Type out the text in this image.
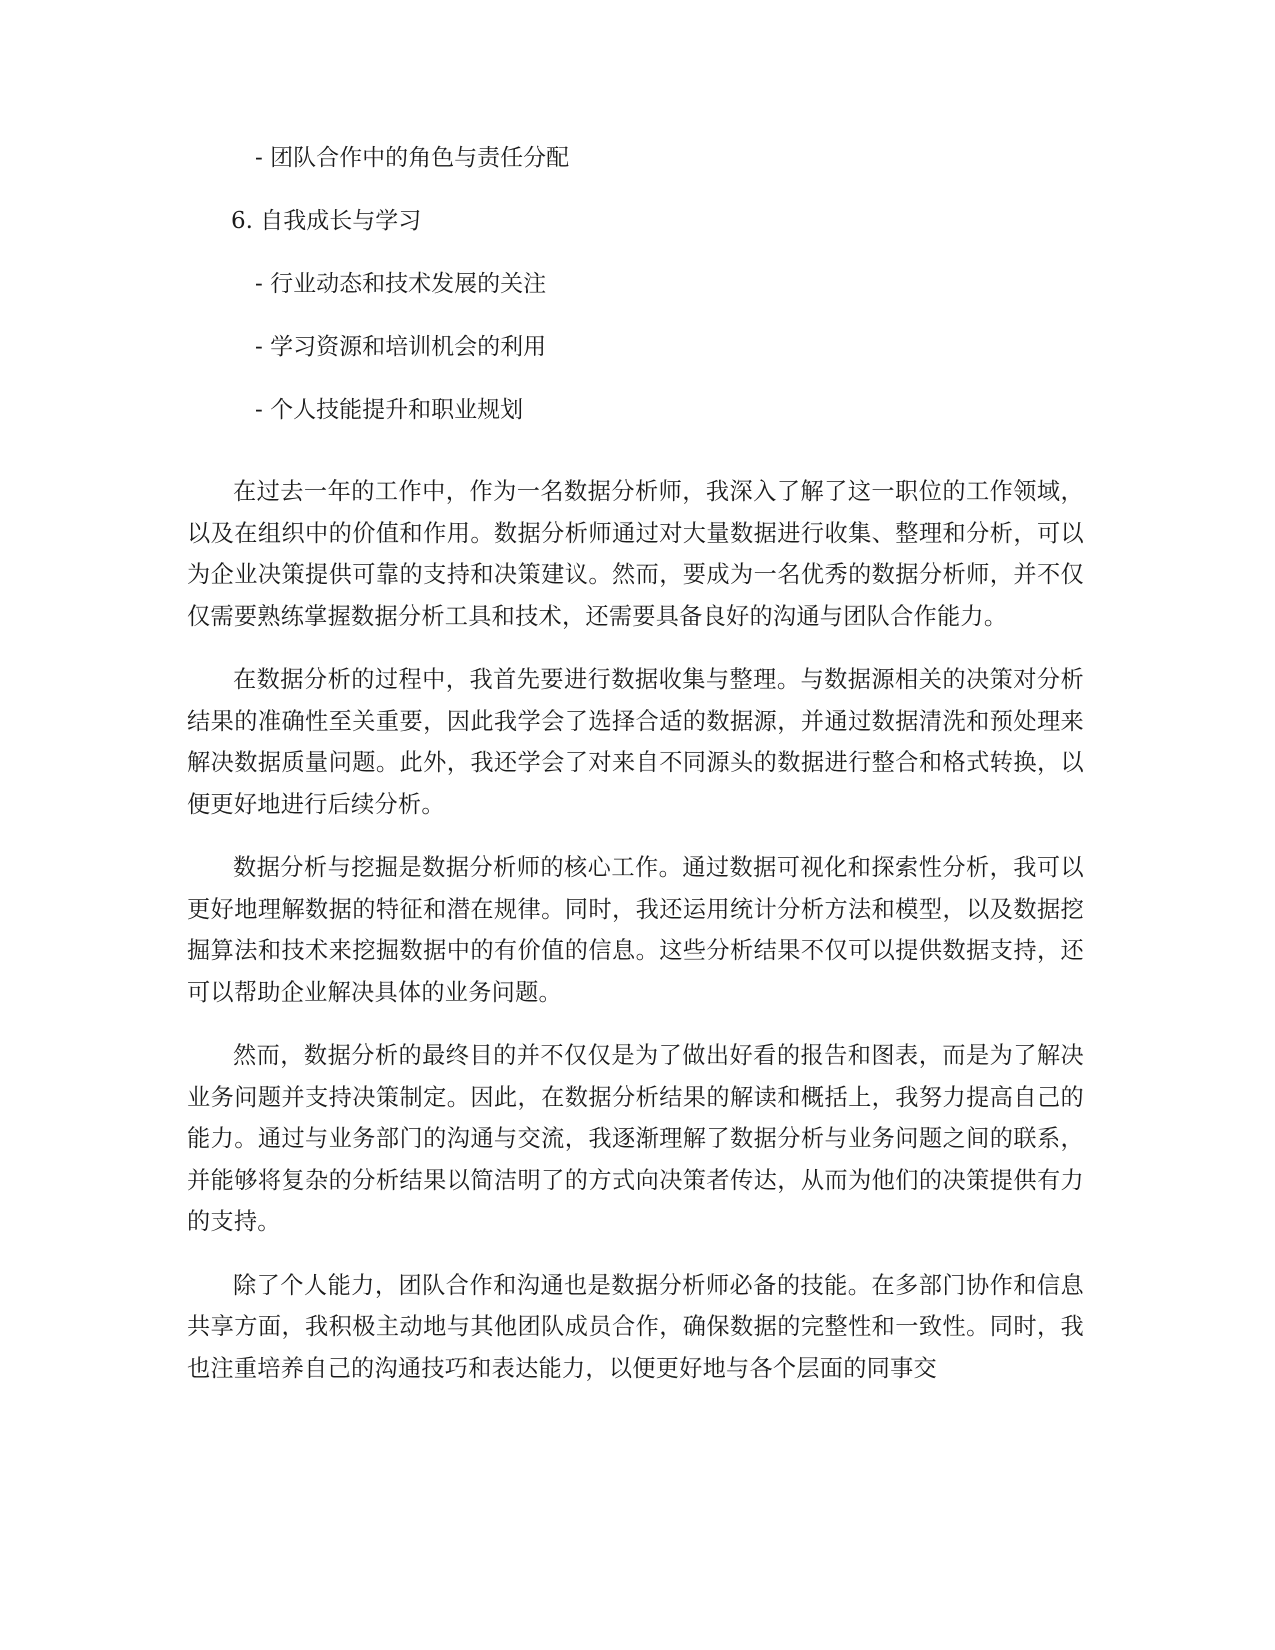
- 团队合作中的角色与责任分配
6. 自我成长与学习
- 行业动态和技术发展的关注
- 学习资源和培训机会的利用
- 个人技能提升和职业规划

在过去一年的工作中，作为一名数据分析师，我深入了解了这一职位的工作领域，以及在组织中的价值和作用。数据分析师通过对大量数据进行收集、整理和分析，可以为企业决策提供可靠的支持和决策建议。然而，要成为一名优秀的数据分析师，并不仅仅需要熟练掌握数据分析工具和技术，还需要具备良好的沟通与团队合作能力。

在数据分析的过程中，我首先要进行数据收集与整理。与数据源相关的决策对分析结果的准确性至关重要，因此我学会了选择合适的数据源，并通过数据清洗和预处理来解决数据质量问题。此外，我还学会了对来自不同源头的数据进行整合和格式转换，以便更好地进行后续分析。

数据分析与挖掘是数据分析师的核心工作。通过数据可视化和探索性分析，我可以更好地理解数据的特征和潜在规律。同时，我还运用统计分析方法和模型，以及数据挖掘算法和技术来挖掘数据中的有价值的信息。这些分析结果不仅可以提供数据支持，还可以帮助企业解决具体的业务问题。

然而，数据分析的最终目的并不仅仅是为了做出好看的报告和图表，而是为了解决业务问题并支持决策制定。因此，在数据分析结果的解读和概括上，我努力提高自己的能力。通过与业务部门的沟通与交流，我逐渐理解了数据分析与业务问题之间的联系，并能够将复杂的分析结果以简洁明了的方式向决策者传达，从而为他们的决策提供有力的支持。

除了个人能力，团队合作和沟通也是数据分析师必备的技能。在多部门协作和信息共享方面，我积极主动地与其他团队成员合作，确保数据的完整性和一致性。同时，我也注重培养自己的沟通技巧和表达能力，以便更好地与各个层面的同事交
